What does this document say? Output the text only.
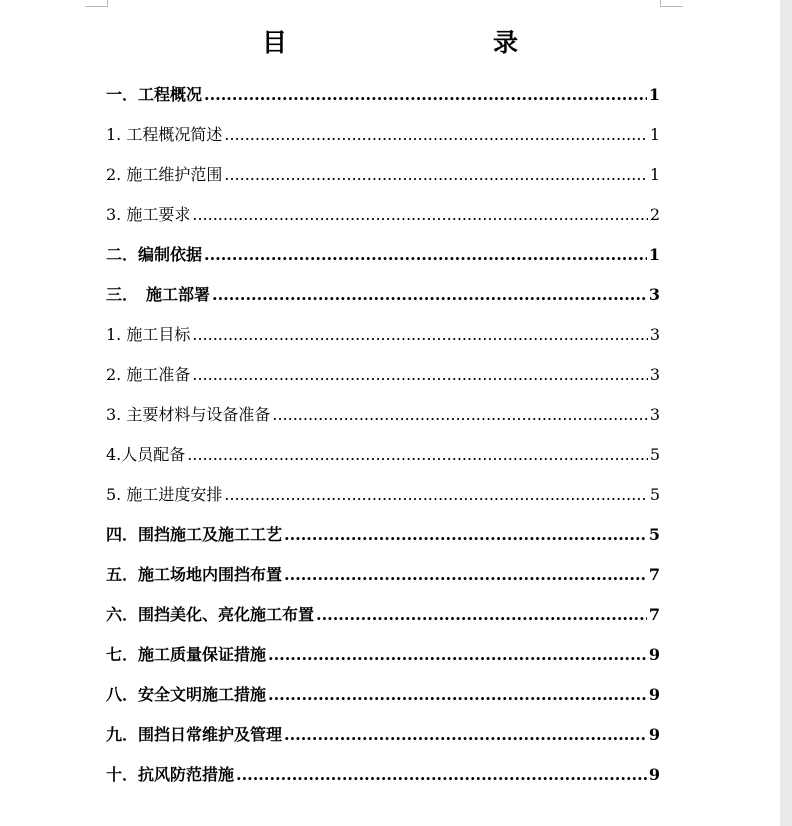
目　　录
一．工程概况 .....	1
1. 工程概况简述 .....	1
2. 施工维护范围 .....	1
3. 施工要求 .....	2
二．编制依据 .....	1
三．　施工部署 .....	3
1. 施工目标 .....	3
2. 施工准备 .....	3
3. 主要材料与设备准备 .....	3
4.人员配备 .....	5
5. 施工进度安排 .....	5
四．围挡施工及施工工艺 .....	5
五．施工场地内围挡布置 .....	7
六．围挡美化、亮化施工布置 .....	7
七．施工质量保证措施 .....	9
八．安全文明施工措施 .....	9
九．围挡日常维护及管理 .....	9
十．抗风防范措施 .....	9
